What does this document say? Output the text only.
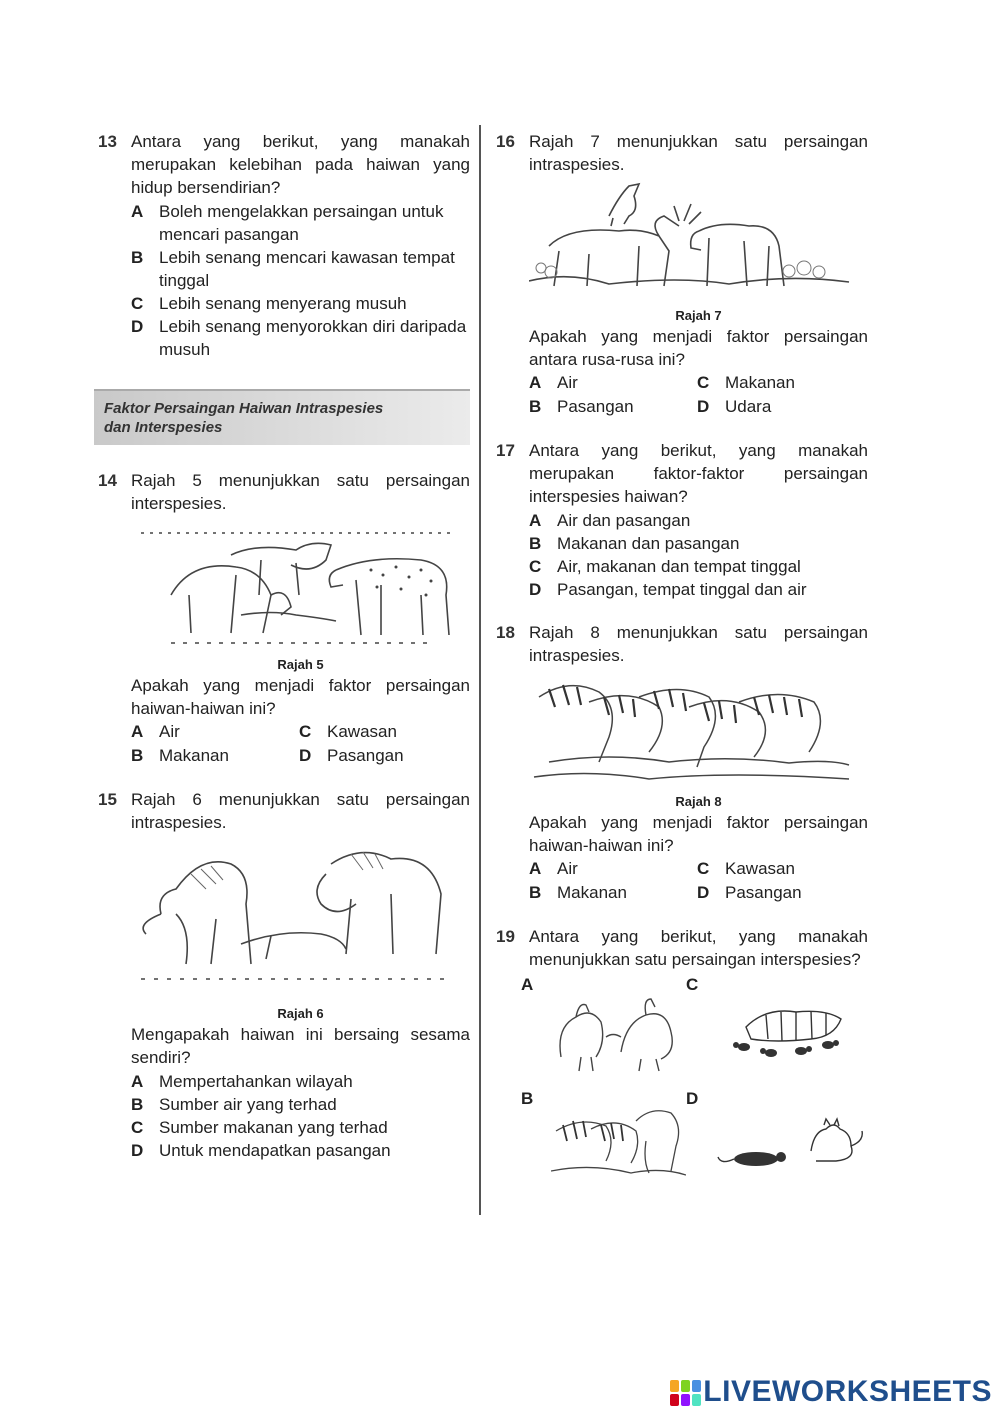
13 Antara yang berikut, yang manakah merupakan kelebihan pada haiwan yang hidup bersendirian?
A Boleh mengelakkan persaingan untuk mencari pasangan
B Lebih senang mencari kawasan tempat tinggal
C Lebih senang menyerang musuh
D Lebih senang menyorokkan diri daripada musuh
Faktor Persaingan Haiwan Intraspesies
dan Interspesies
14 Rajah 5 menunjukkan satu persaingan interspesies.
Rajah 5
Apakah yang menjadi faktor persaingan haiwan-haiwan ini?
A Air	C Kawasan
B Makanan	D Pasangan
15 Rajah 6 menunjukkan satu persaingan intraspesies.
Rajah 6
Mengapakah haiwan ini bersaing sesama sendiri?
A Mempertahankan wilayah
B Sumber air yang terhad
C Sumber makanan yang terhad
D Untuk mendapatkan pasangan
16 Rajah 7 menunjukkan satu persaingan intraspesies.
Rajah 7
Apakah yang menjadi faktor persaingan antara rusa-rusa ini?
A Air	C Makanan
B Pasangan	D Udara
17 Antara yang berikut, yang manakah merupakan faktor-faktor persaingan interspesies haiwan?
A Air dan pasangan
B Makanan dan pasangan
C Air, makanan dan tempat tinggal
D Pasangan, tempat tinggal dan air
18 Rajah 8 menunjukkan satu persaingan intraspesies.
Rajah 8
Apakah yang menjadi faktor persaingan haiwan-haiwan ini?
A Air	C Kawasan
B Makanan	D Pasangan
19 Antara yang berikut, yang manakah menunjukkan satu persaingan interspesies?
A	C
B	D
LIVEWORKSHEETS
